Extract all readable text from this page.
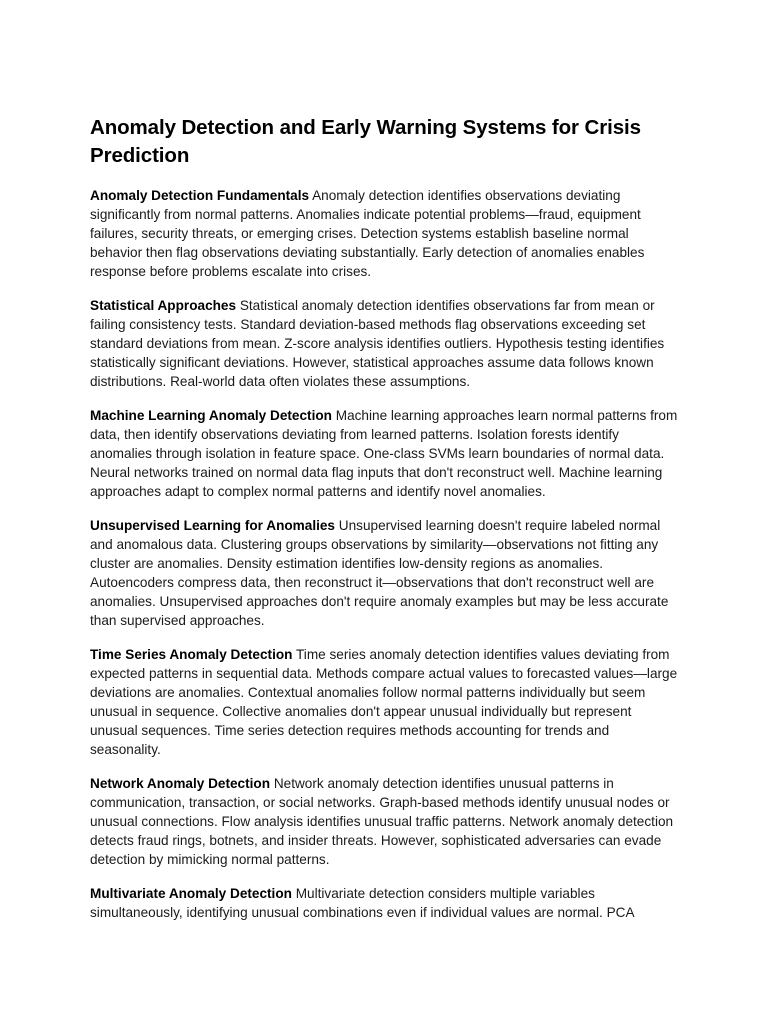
Anomaly Detection and Early Warning Systems for Crisis Prediction

Anomaly Detection Fundamentals Anomaly detection identifies observations deviating significantly from normal patterns. Anomalies indicate potential problems—fraud, equipment failures, security threats, or emerging crises. Detection systems establish baseline normal behavior then flag observations deviating substantially. Early detection of anomalies enables response before problems escalate into crises.

Statistical Approaches Statistical anomaly detection identifies observations far from mean or failing consistency tests. Standard deviation-based methods flag observations exceeding set standard deviations from mean. Z-score analysis identifies outliers. Hypothesis testing identifies statistically significant deviations. However, statistical approaches assume data follows known distributions. Real-world data often violates these assumptions.

Machine Learning Anomaly Detection Machine learning approaches learn normal patterns from data, then identify observations deviating from learned patterns. Isolation forests identify anomalies through isolation in feature space. One-class SVMs learn boundaries of normal data. Neural networks trained on normal data flag inputs that don't reconstruct well. Machine learning approaches adapt to complex normal patterns and identify novel anomalies.

Unsupervised Learning for Anomalies Unsupervised learning doesn't require labeled normal and anomalous data. Clustering groups observations by similarity—observations not fitting any cluster are anomalies. Density estimation identifies low-density regions as anomalies. Autoencoders compress data, then reconstruct it—observations that don't reconstruct well are anomalies. Unsupervised approaches don't require anomaly examples but may be less accurate than supervised approaches.

Time Series Anomaly Detection Time series anomaly detection identifies values deviating from expected patterns in sequential data. Methods compare actual values to forecasted values—large deviations are anomalies. Contextual anomalies follow normal patterns individually but seem unusual in sequence. Collective anomalies don't appear unusual individually but represent unusual sequences. Time series detection requires methods accounting for trends and seasonality.

Network Anomaly Detection Network anomaly detection identifies unusual patterns in communication, transaction, or social networks. Graph-based methods identify unusual nodes or unusual connections. Flow analysis identifies unusual traffic patterns. Network anomaly detection detects fraud rings, botnets, and insider threats. However, sophisticated adversaries can evade detection by mimicking normal patterns.

Multivariate Anomaly Detection Multivariate detection considers multiple variables simultaneously, identifying unusual combinations even if individual values are normal. PCA
